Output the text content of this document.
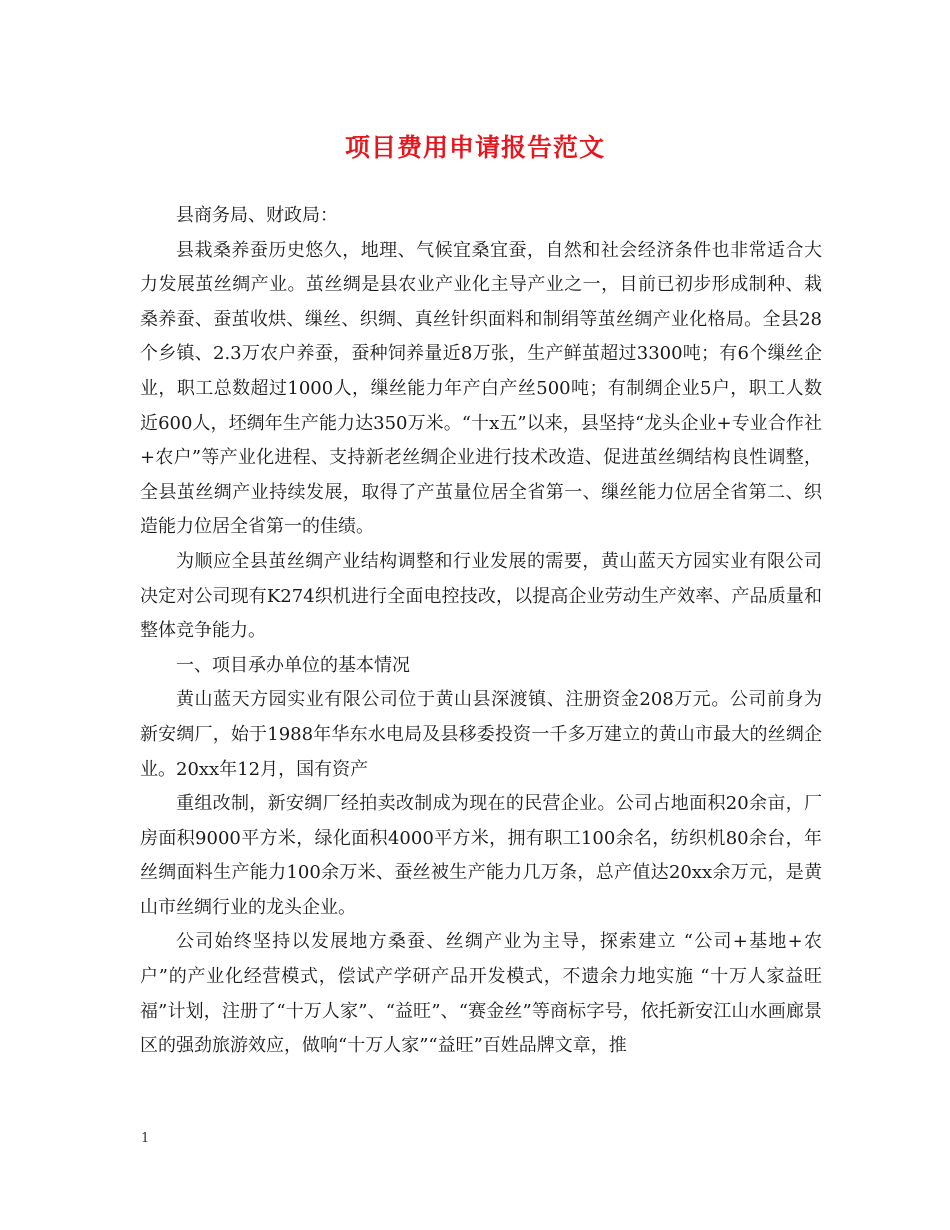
项目费用申请报告范文

县商务局、财政局：

县栽桑养蚕历史悠久，地理、气候宜桑宜蚕，自然和社会经济条件也非常适合大力发展茧丝绸产业。茧丝绸是县农业产业化主导产业之一，目前已初步形成制种、栽桑养蚕、蚕茧收烘、缫丝、织绸、真丝针织面料和制绢等茧丝绸产业化格局。全县28个乡镇、2.3万农户养蚕，蚕种饲养量近8万张，生产鲜茧超过3300吨；有6个缫丝企业，职工总数超过1000人，缫丝能力年产白产丝500吨；有制绸企业5户，职工人数近600人，坯绸年生产能力达350万米。“十x五”以来，县坚持“龙头企业+专业合作社+农户”等产业化进程、支持新老丝绸企业进行技术改造、促进茧丝绸结构良性调整，全县茧丝绸产业持续发展，取得了产茧量位居全省第一、缫丝能力位居全省第二、织造能力位居全省第一的佳绩。

为顺应全县茧丝绸产业结构调整和行业发展的需要，黄山蓝天方园实业有限公司决定对公司现有K274织机进行全面电控技改，以提高企业劳动生产效率、产品质量和整体竞争能力。

一、项目承办单位的基本情况

黄山蓝天方园实业有限公司位于黄山县深渡镇、注册资金208万元。公司前身为新安绸厂，始于1988年华东水电局及县移委投资一千多万建立的黄山市最大的丝绸企业。20xx年12月，国有资产

重组改制，新安绸厂经拍卖改制成为现在的民营企业。公司占地面积20余亩，厂房面积9000平方米，绿化面积4000平方米，拥有职工100余名，纺织机80余台，年丝绸面料生产能力100余万米、蚕丝被生产能力几万条，总产值达20xx余万元，是黄山市丝绸行业的龙头企业。

公司始终坚持以发展地方桑蚕、丝绸产业为主导，探索建立 “公司+基地+农户”的产业化经营模式，偿试产学研产品开发模式，不遗余力地实施 “十万人家益旺福”计划，注册了“十万人家”、“益旺”、“赛金丝”等商标字号，依托新安江山水画廊景区的强劲旅游效应，做响“十万人家”“益旺”百姓品牌文章，推

1
